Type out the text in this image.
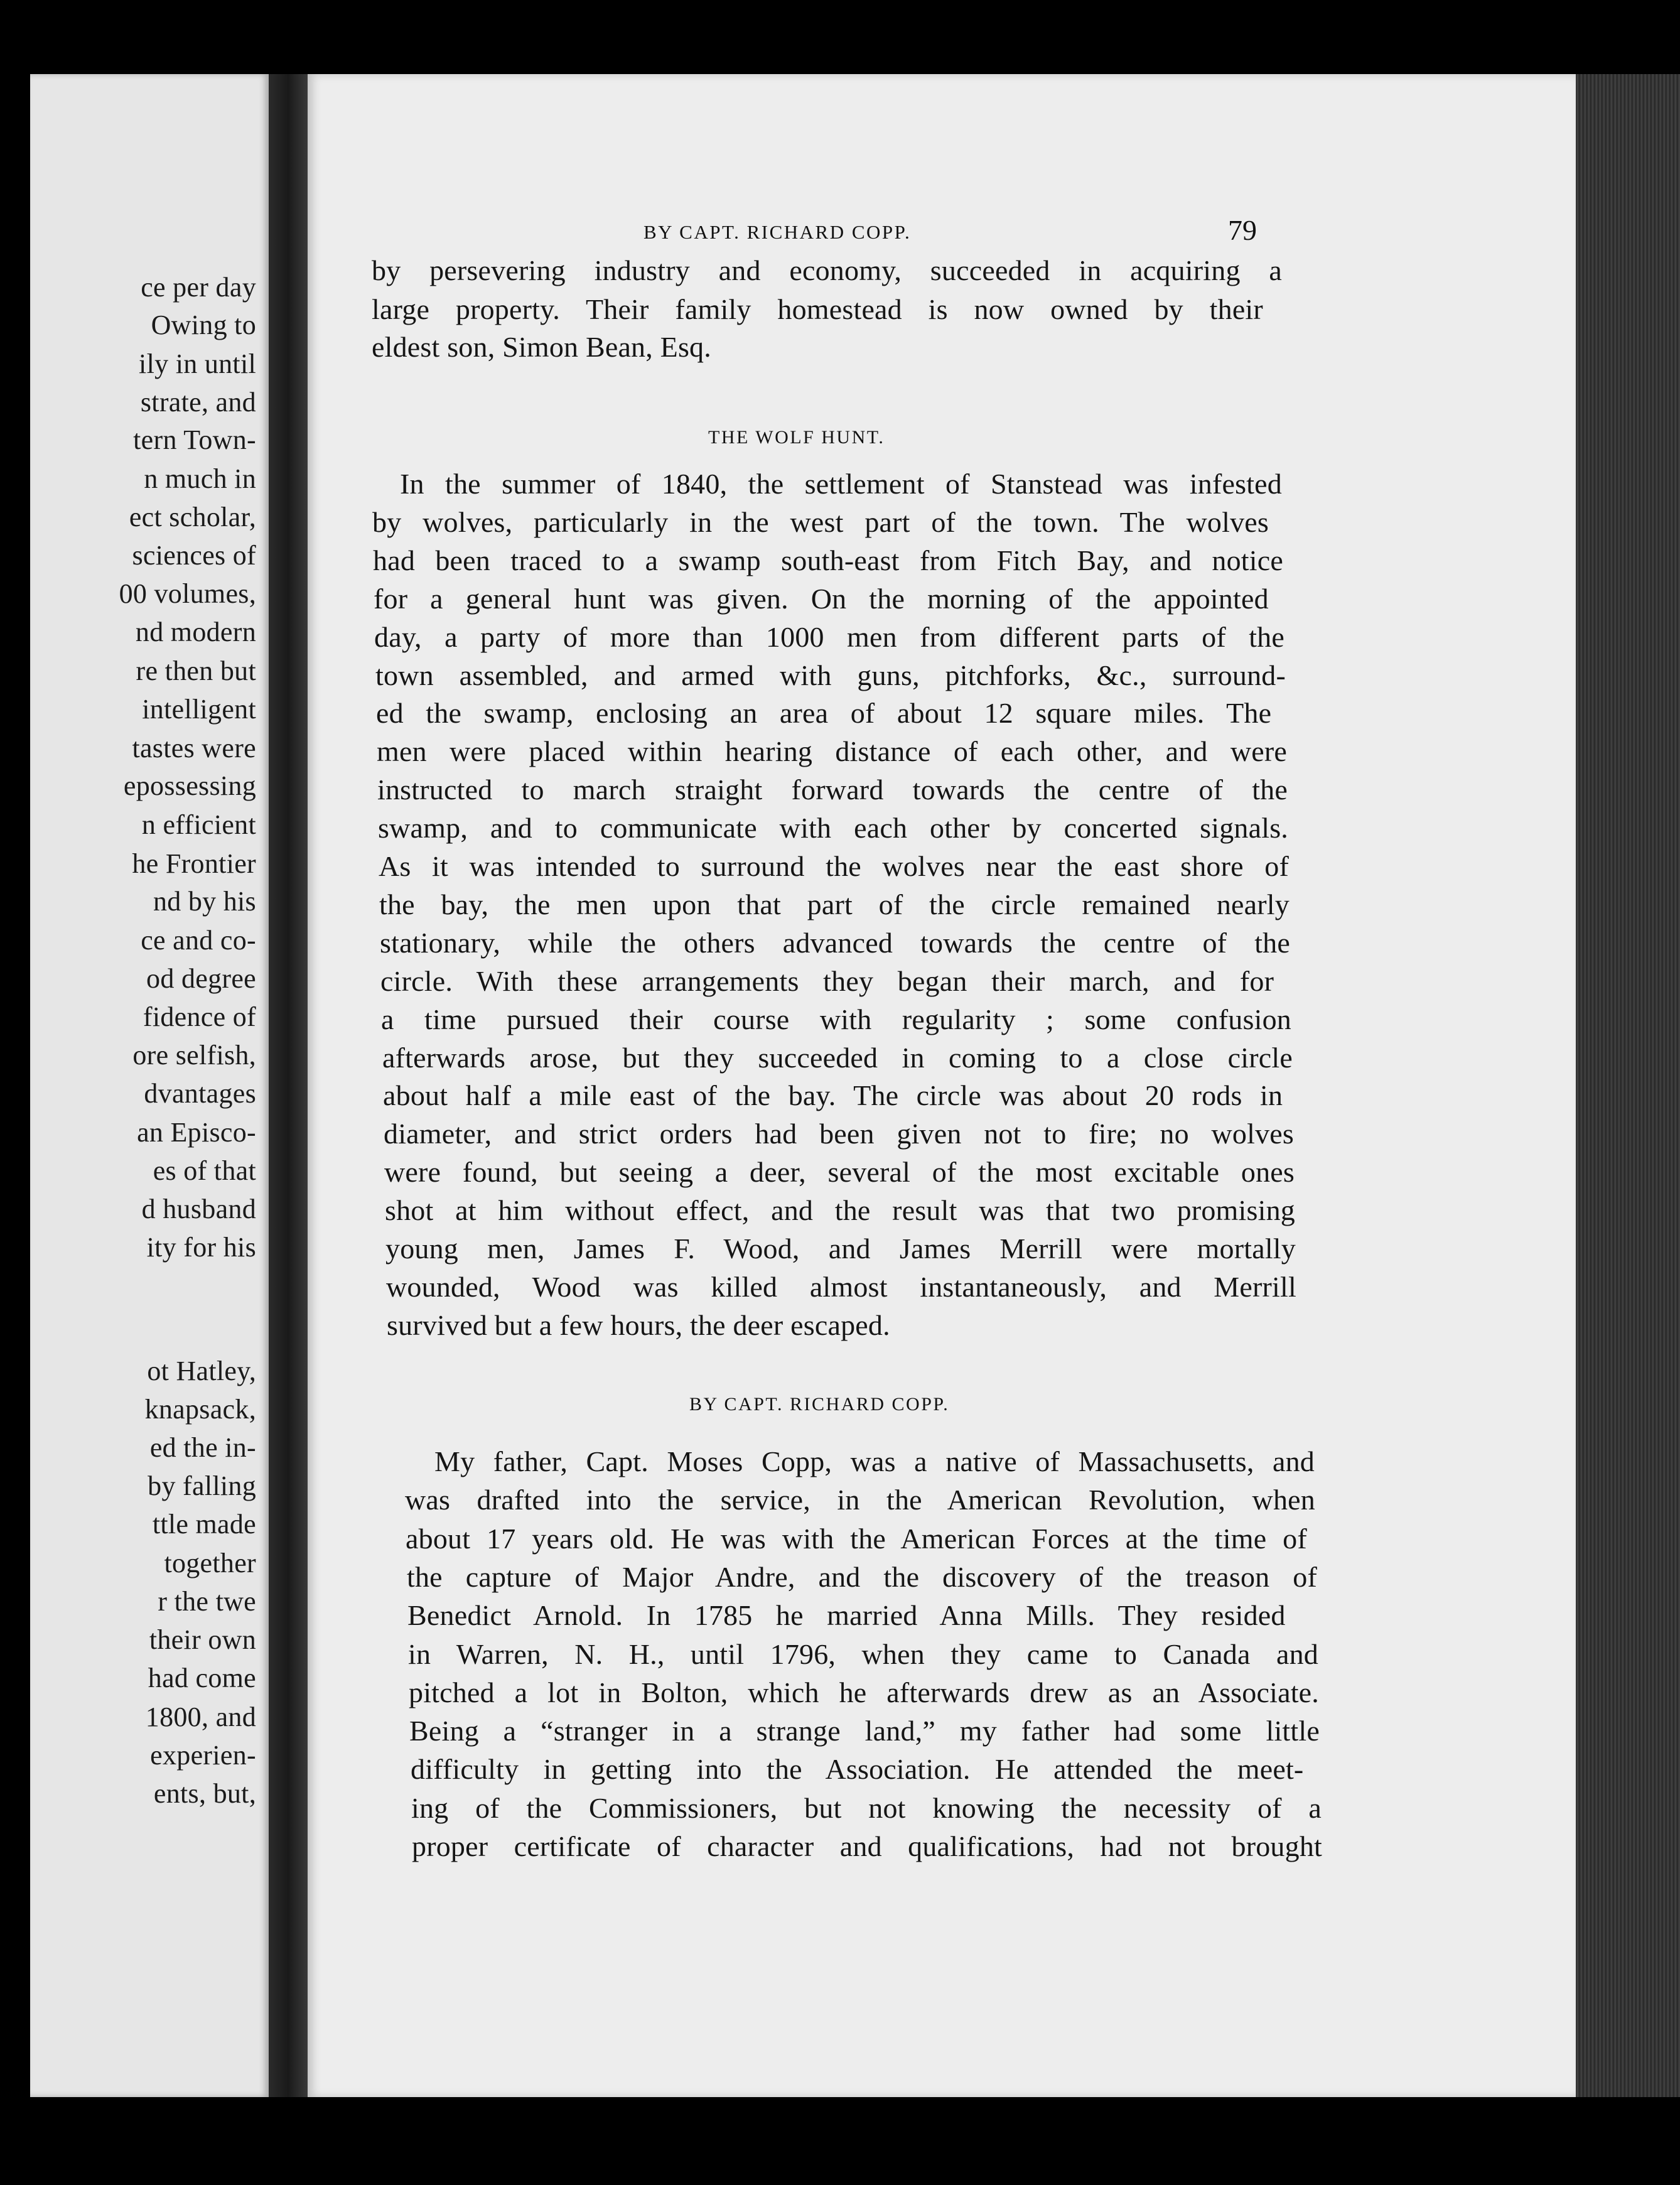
ce per day
Owing to
ily in until
strate, and
tern Town-
n much in
ect scholar,
sciences of
00 volumes,
nd modern
re then but
intelligent
tastes were
epossessing
n efficient
he Frontier
nd by his
ce and co-
od degree
fidence of
ore selfish,
dvantages
an Episco-
es of that
d husband
ity for his
ot Hatley,
knapsack,
ed the in-
by falling
ttle made
together
r the twe
their own
had come
1800, and
experien-
ents, but,
BY CAPT. RICHARD COPP.	79
by persevering industry and economy, succeeded in acquiring a
large property. Their family homestead is now owned by their
eldest son, Simon Bean, Esq.
THE WOLF HUNT.
In the summer of 1840, the settlement of Stanstead was infested
by wolves, particularly in the west part of the town. The wolves
had been traced to a swamp south-east from Fitch Bay, and notice
for a general hunt was given. On the morning of the appointed
day, a party of more than 1000 men from different parts of the
town assembled, and armed with guns, pitchforks, &c., surround-
ed the swamp, enclosing an area of about 12 square miles. The
men were placed within hearing distance of each other, and were
instructed to march straight forward towards the centre of the
swamp, and to communicate with each other by concerted signals.
As it was intended to surround the wolves near the east shore of
the bay, the men upon that part of the circle remained nearly
stationary, while the others advanced towards the centre of the
circle. With these arrangements they began their march, and for
a time pursued their course with regularity ; some confusion
afterwards arose, but they succeeded in coming to a close circle
about half a mile east of the bay. The circle was about 20 rods in
diameter, and strict orders had been given not to fire; no wolves
were found, but seeing a deer, several of the most excitable ones
shot at him without effect, and the result was that two promising
young men, James F. Wood, and James Merrill were mortally
wounded, Wood was killed almost instantaneously, and Merrill
survived but a few hours, the deer escaped.
BY CAPT. RICHARD COPP.
My father, Capt. Moses Copp, was a native of Massachusetts, and
was drafted into the service, in the American Revolution, when
about 17 years old. He was with the American Forces at the time of
the capture of Major Andre, and the discovery of the treason of
Benedict Arnold. In 1785 he married Anna Mills. They resided
in Warren, N. H., until 1796, when they came to Canada and
pitched a lot in Bolton, which he afterwards drew as an Associate.
Being a “stranger in a strange land,” my father had some little
difficulty in getting into the Association. He attended the meet-
ing of the Commissioners, but not knowing the necessity of a
proper certificate of character and qualifications, had not brought
